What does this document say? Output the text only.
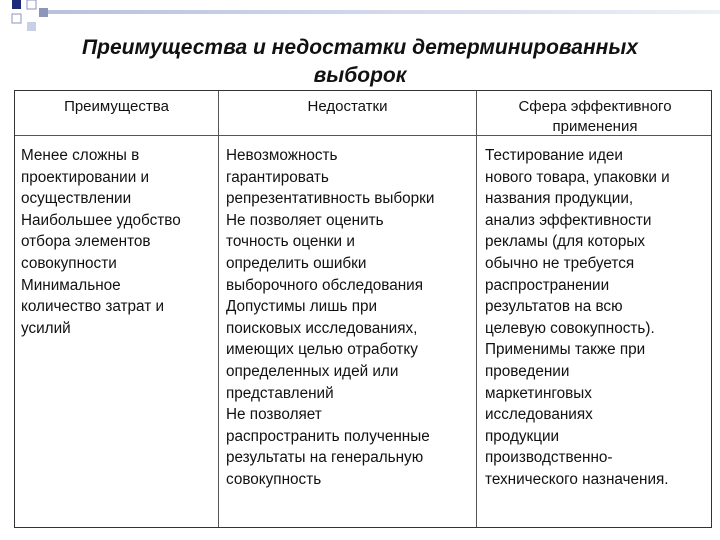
Преимущества и недостатки детерминированных
выборок
Преимущества	Недостатки	Сфера эффективного
применения
Менее сложны в
проектировании и
осуществлении
Наибольшее удобство
отбора элементов
совокупности
Минимальное
количество затрат и
усилий
Невозможность
гарантировать
репрезентативность выборки
Не позволяет оценить
точность оценки и
определить ошибки
выборочного обследования
Допустимы лишь при
поисковых исследованиях,
имеющих целью отработку
определенных идей или
представлений
Не позволяет
распространить полученные
результаты на генеральную
совокупность
Тестирование идеи
нового товара, упаковки и
названия продукции,
анализ эффективности
рекламы (для которых
обычно не требуется
распространении
результатов на всю
целевую совокупность).
Применимы также при
проведении
маркетинговых
исследованиях
продукции
производственно-
технического назначения.
